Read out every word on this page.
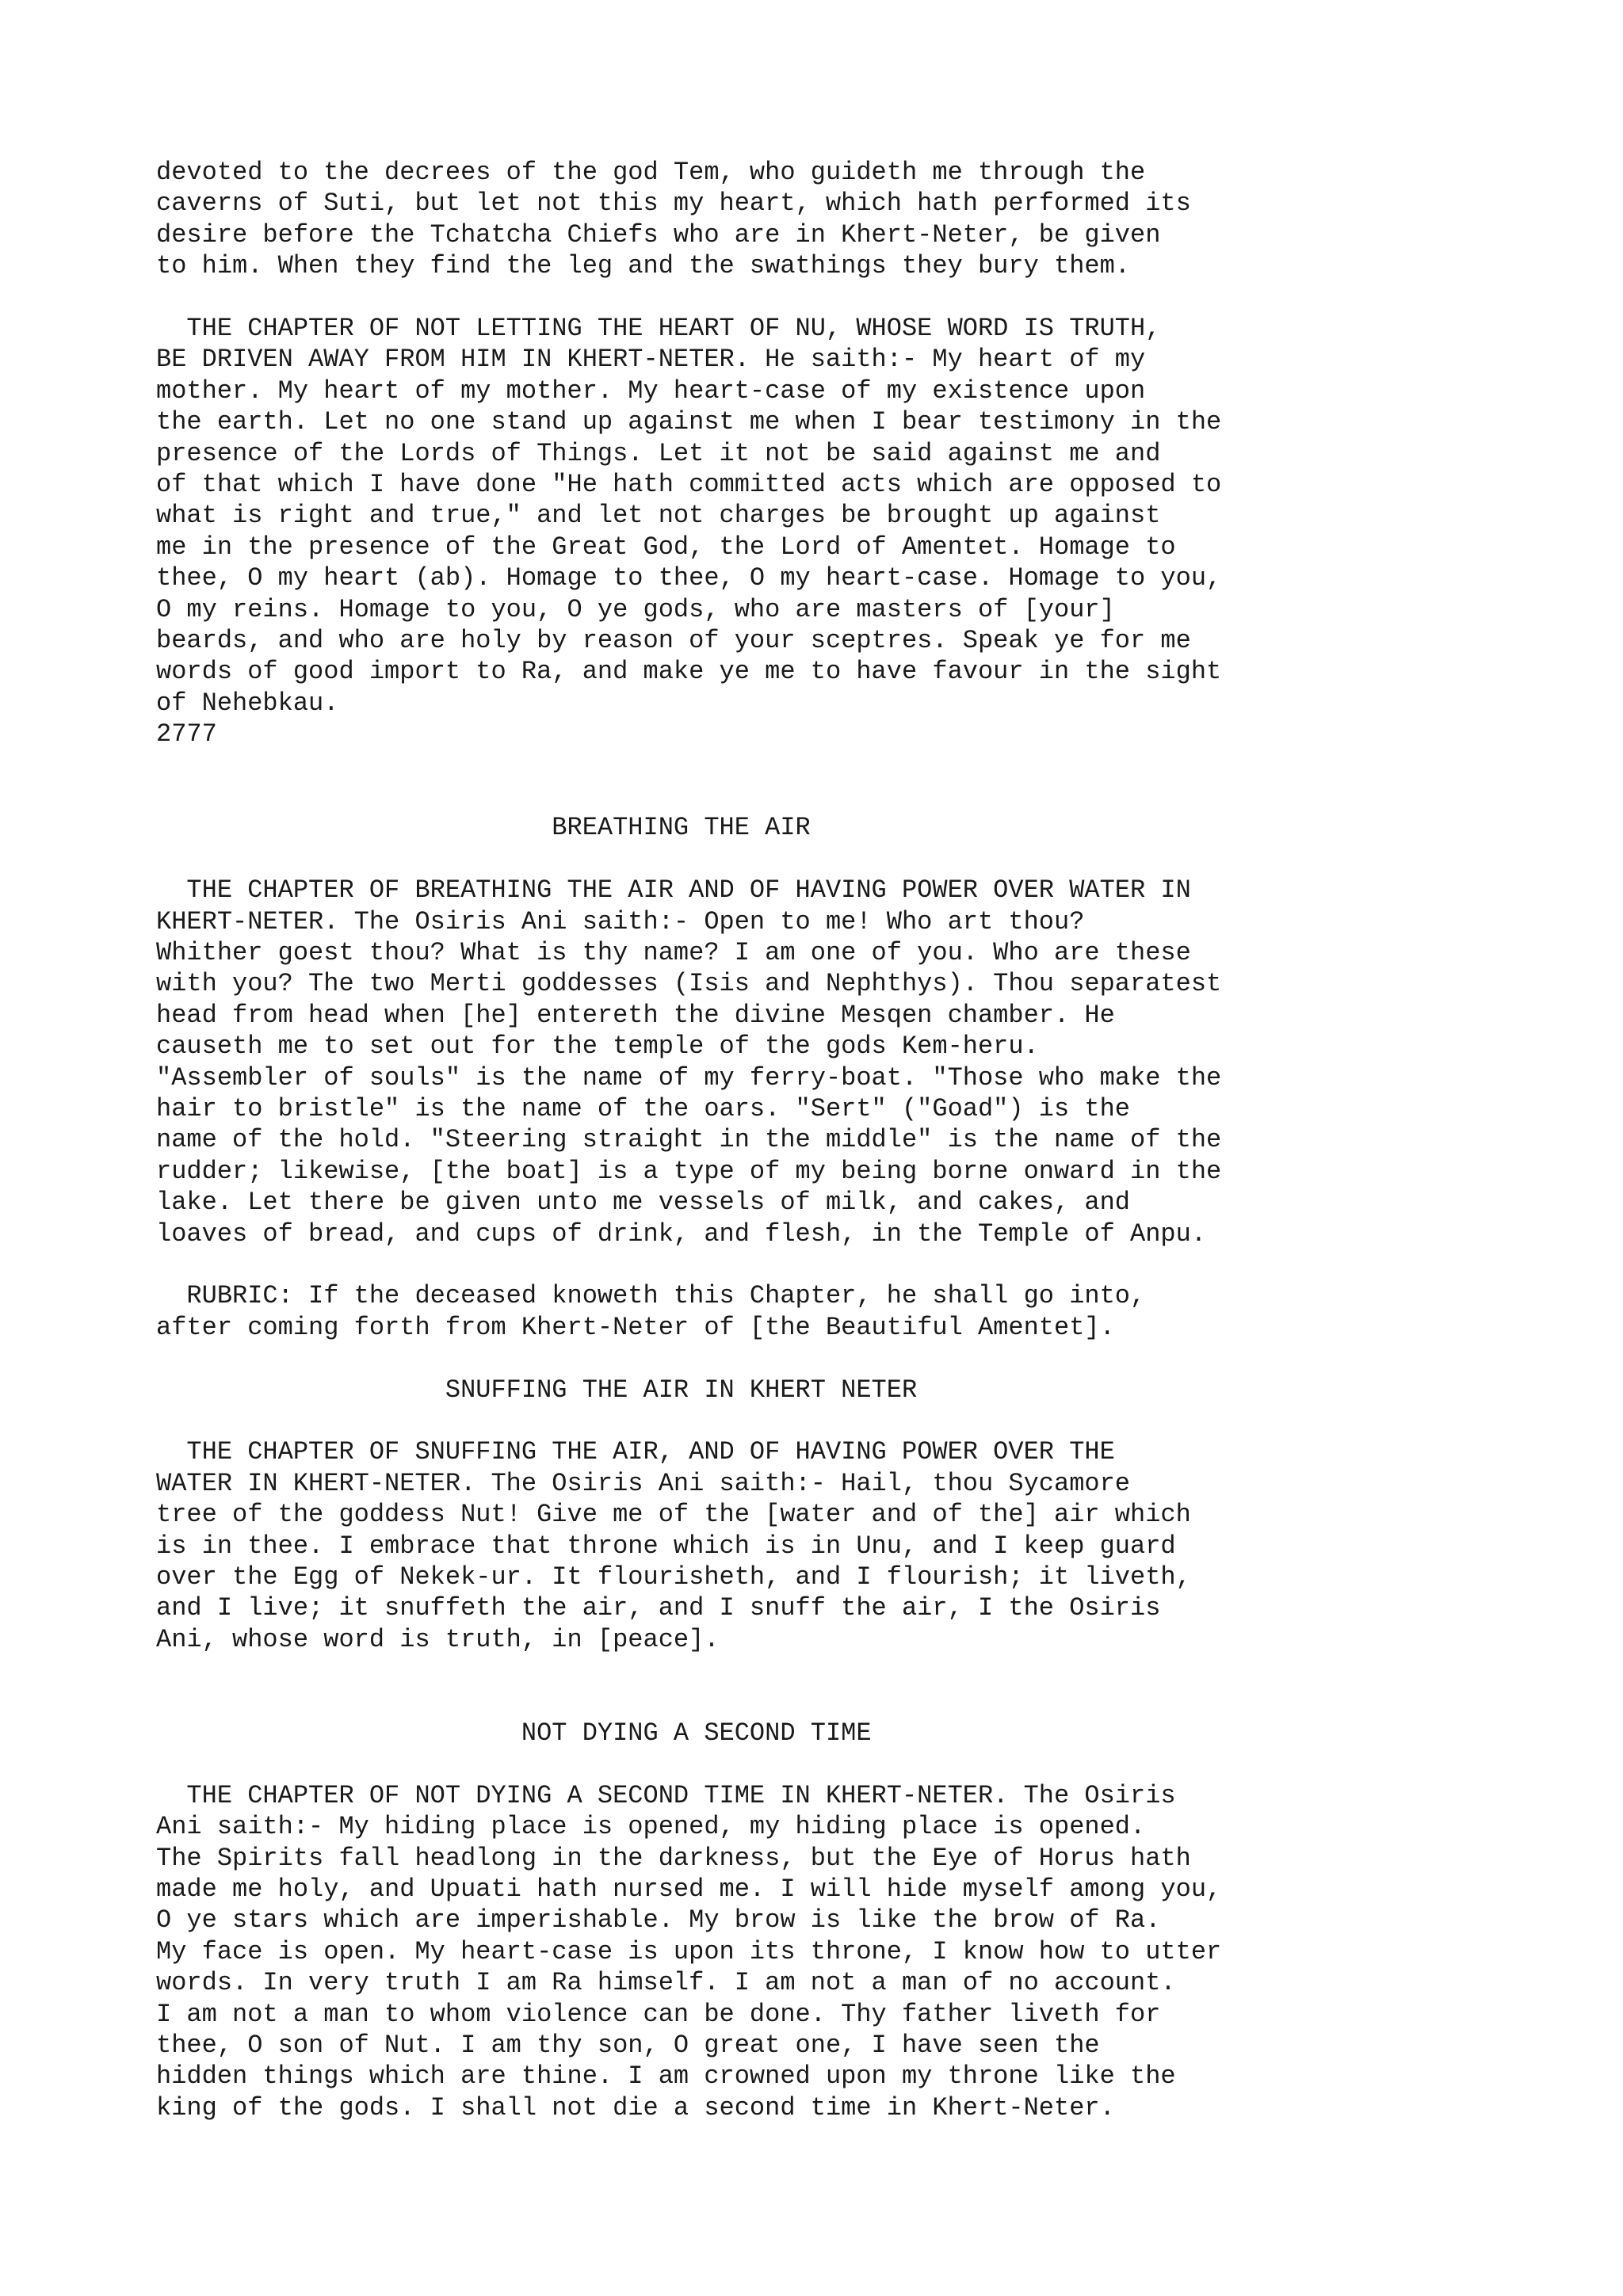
devoted to the decrees of the god Tem, who guideth me through the

caverns of Suti, but let not this my heart, which hath performed its

desire before the Tchatcha Chiefs who are in Khert-Neter, be given

to him. When they find the leg and the swathings they bury them.

THE CHAPTER OF NOT LETTING THE HEART OF NU, WHOSE WORD IS TRUTH,

BE DRIVEN AWAY FROM HIM IN KHERT-NETER. He saith:- My heart of my

mother. My heart of my mother. My heart-case of my existence upon

the earth. Let no one stand up against me when I bear testimony in the

presence of the Lords of Things. Let it not be said against me and

of that which I have done "He hath committed acts which are opposed to

what is right and true," and let not charges be brought up against

me in the presence of the Great God, the Lord of Amentet. Homage to

thee, O my heart (ab). Homage to thee, O my heart-case. Homage to you,

O my reins. Homage to you, O ye gods, who are masters of [your]

beards, and who are holy by reason of your sceptres. Speak ye for me

words of good import to Ra, and make ye me to have favour in the sight

of Nehebkau.

2777

BREATHING THE AIR

THE CHAPTER OF BREATHING THE AIR AND OF HAVING POWER OVER WATER IN

KHERT-NETER. The Osiris Ani saith:- Open to me! Who art thou?

Whither goest thou? What is thy name? I am one of you. Who are these

with you? The two Merti goddesses (Isis and Nephthys). Thou separatest

head from head when [he] entereth the divine Mesqen chamber. He

causeth me to set out for the temple of the gods Kem-heru.

"Assembler of souls" is the name of my ferry-boat. "Those who make the

hair to bristle" is the name of the oars. "Sert" ("Goad") is the

name of the hold. "Steering straight in the middle" is the name of the

rudder; likewise, [the boat] is a type of my being borne onward in the

lake. Let there be given unto me vessels of milk, and cakes, and

loaves of bread, and cups of drink, and flesh, in the Temple of Anpu.

RUBRIC: If the deceased knoweth this Chapter, he shall go into,

after coming forth from Khert-Neter of [the Beautiful Amentet].

SNUFFING THE AIR IN KHERT NETER

THE CHAPTER OF SNUFFING THE AIR, AND OF HAVING POWER OVER THE

WATER IN KHERT-NETER. The Osiris Ani saith:- Hail, thou Sycamore

tree of the goddess Nut! Give me of the [water and of the] air which

is in thee. I embrace that throne which is in Unu, and I keep guard

over the Egg of Nekek-ur. It flourisheth, and I flourish; it liveth,

and I live; it snuffeth the air, and I snuff the air, I the Osiris

Ani, whose word is truth, in [peace].

NOT DYING A SECOND TIME

THE CHAPTER OF NOT DYING A SECOND TIME IN KHERT-NETER. The Osiris

Ani saith:- My hiding place is opened, my hiding place is opened.

The Spirits fall headlong in the darkness, but the Eye of Horus hath

made me holy, and Upuati hath nursed me. I will hide myself among you,

O ye stars which are imperishable. My brow is like the brow of Ra.

My face is open. My heart-case is upon its throne, I know how to utter

words. In very truth I am Ra himself. I am not a man of no account.

I am not a man to whom violence can be done. Thy father liveth for

thee, O son of Nut. I am thy son, O great one, I have seen the

hidden things which are thine. I am crowned upon my throne like the

king of the gods. I shall not die a second time in Khert-Neter.
